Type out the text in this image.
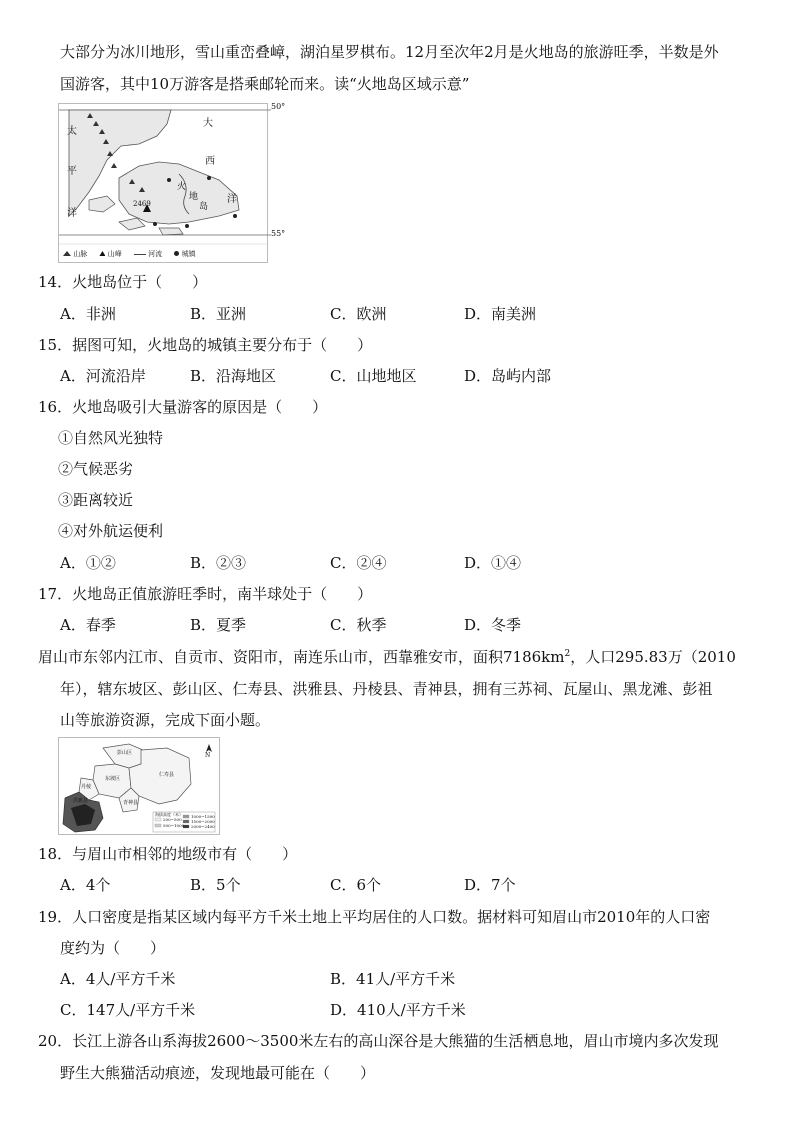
大部分为冰川地形，雪山重峦叠嶂，湖泊星罗棋布。12月至次年2月是火地岛的旅游旺季，半数是外
国游客，其中10万游客是搭乘邮轮而来。读“火地岛区域示意”
50°
55°
太
平
洋
大
西
洋
火
地
岛
2469
山脉	山峰	河流	城镇
14．火地岛位于（　　）
A．非洲	B．亚洲	C．欧洲	D．南美洲
15．据图可知，火地岛的城镇主要分布于（　　）
A．河流沿岸	B．沿海地区	C．山地地区	D．岛屿内部
16．火地岛吸引大量游客的原因是（　　）
①自然风光独特
②气候恶劣
③距离较近
④对外航运便利
A．①②	B．②③	C．②④	D．①④
17．火地岛正值旅游旺季时，南半球处于（　　）
A．春季	B．夏季	C．秋季	D．冬季
眉山市东邻内江市、自贡市、资阳市，南连乐山市，西靠雅安市，面积$7186km^2$，人口295.83万（2010
年），辖东坡区、彭山区、仁寿县、洪雅县、丹棱县、青神县，拥有三苏祠、瓦屋山、黑龙滩、彭祖
山等旅游资源，完成下面小题。
N
彭山区
东坡区
仁寿县
青神县
丹棱
洪雅县
海拔高度（米）
200~500
500~1000
1000~1500
1500~2000
2000~2400
18．与眉山市相邻的地级市有（　　）
A．4个	B．5个	C．6个	D．7个
19．人口密度是指某区域内每平方千米土地上平均居住的人口数。据材料可知眉山市2010年的人口密
度约为（　　）
A．4人/平方千米	B．41人/平方千米
C．147人/平方千米	D．410人/平方千米
20．长江上游各山系海拔2600～3500米左右的高山深谷是大熊猫的生活栖息地，眉山市境内多次发现
野生大熊猫活动痕迹，发现地最可能在（　　）
